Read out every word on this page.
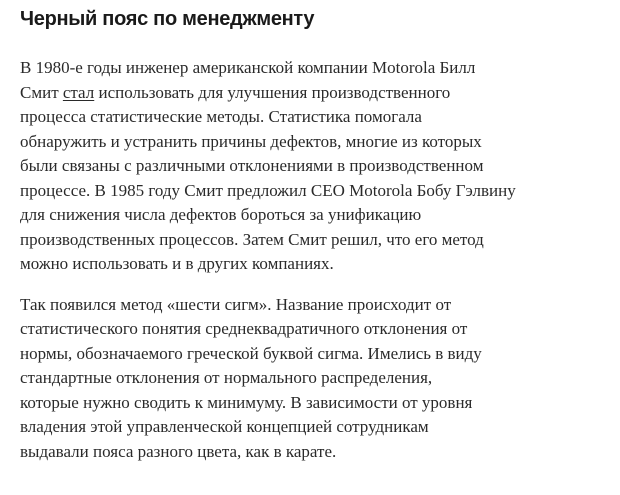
Черный пояс по менеджменту

В 1980-е годы инженер американской компании Motorola Билл
Смит стал использовать для улучшения производственного
процесса статистические методы. Статистика помогала
обнаружить и устранить причины дефектов, многие из которых
были связаны с различными отклонениями в производственном
процессе. В 1985 году Смит предложил CEO Motorola Бобу Гэлвину
для снижения числа дефектов бороться за унификацию
производственных процессов. Затем Смит решил, что его метод
можно использовать и в других компаниях.

Так появился метод «шести сигм». Название происходит от
статистического понятия среднеквадратичного отклонения от
нормы, обозначаемого греческой буквой сигма. Имелись в виду
стандартные отклонения от нормального распределения,
которые нужно сводить к минимуму. В зависимости от уровня
владения этой управленческой концепцией сотрудникам
выдавали пояса разного цвета, как в карате.
